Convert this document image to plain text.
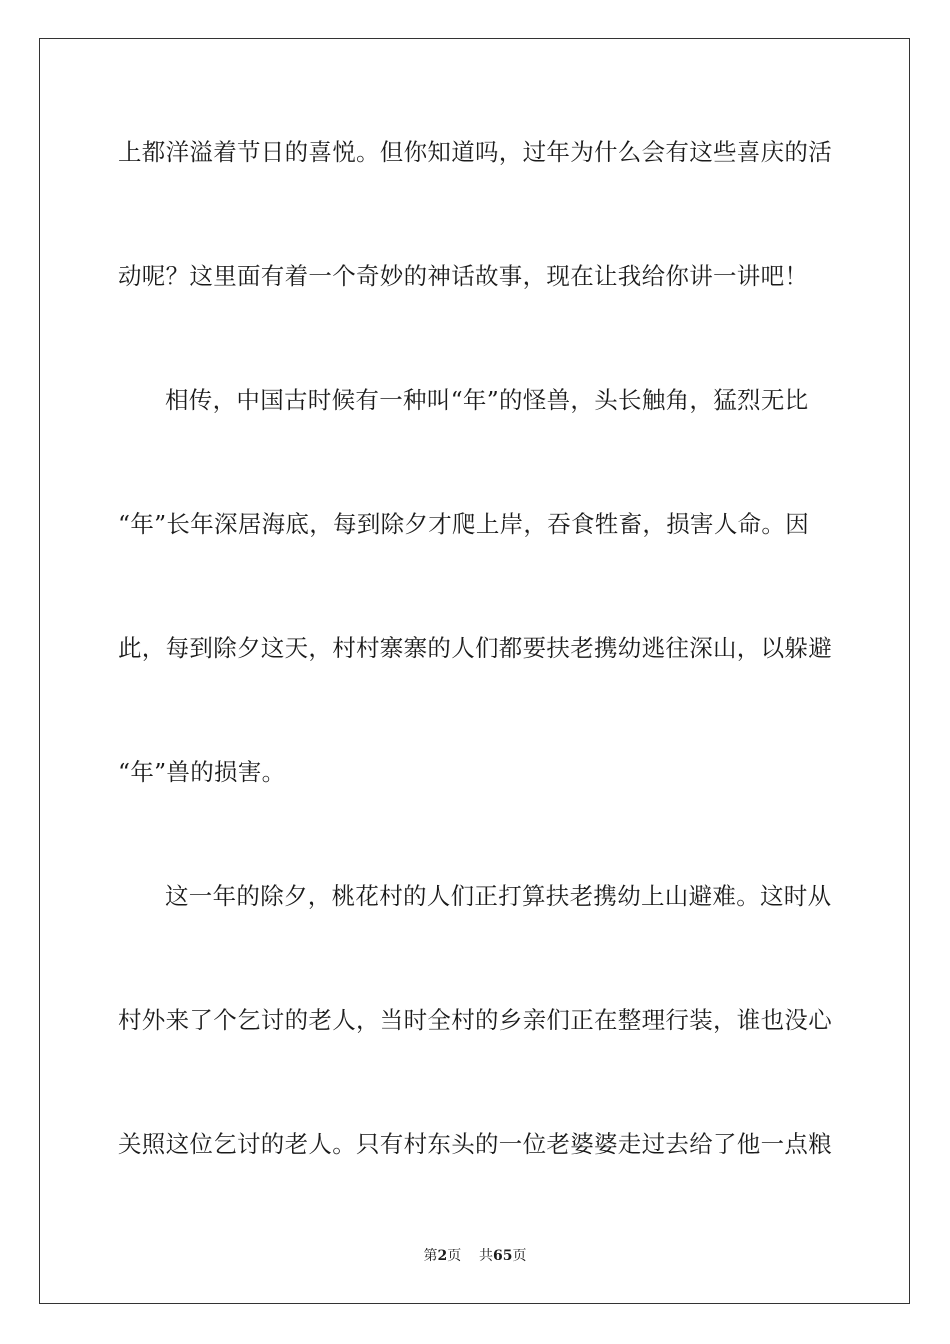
上都洋溢着节日的喜悦。但你知道吗，过年为什么会有这些喜庆的活
动呢？这里面有着一个奇妙的神话故事，现在让我给你讲一讲吧！
相传，中国古时候有一种叫“年”的怪兽，头长触角，猛烈无比
“年”长年深居海底，每到除夕才爬上岸，吞食牲畜，损害人命。因
此，每到除夕这天，村村寨寨的人们都要扶老携幼逃往深山，以躲避
“年”兽的损害。
这一年的除夕，桃花村的人们正打算扶老携幼上山避难。这时从
村外来了个乞讨的老人，当时全村的乡亲们正在整理行装，谁也没心
关照这位乞讨的老人。只有村东头的一位老婆婆走过去给了他一点粮
第2页 共65页
